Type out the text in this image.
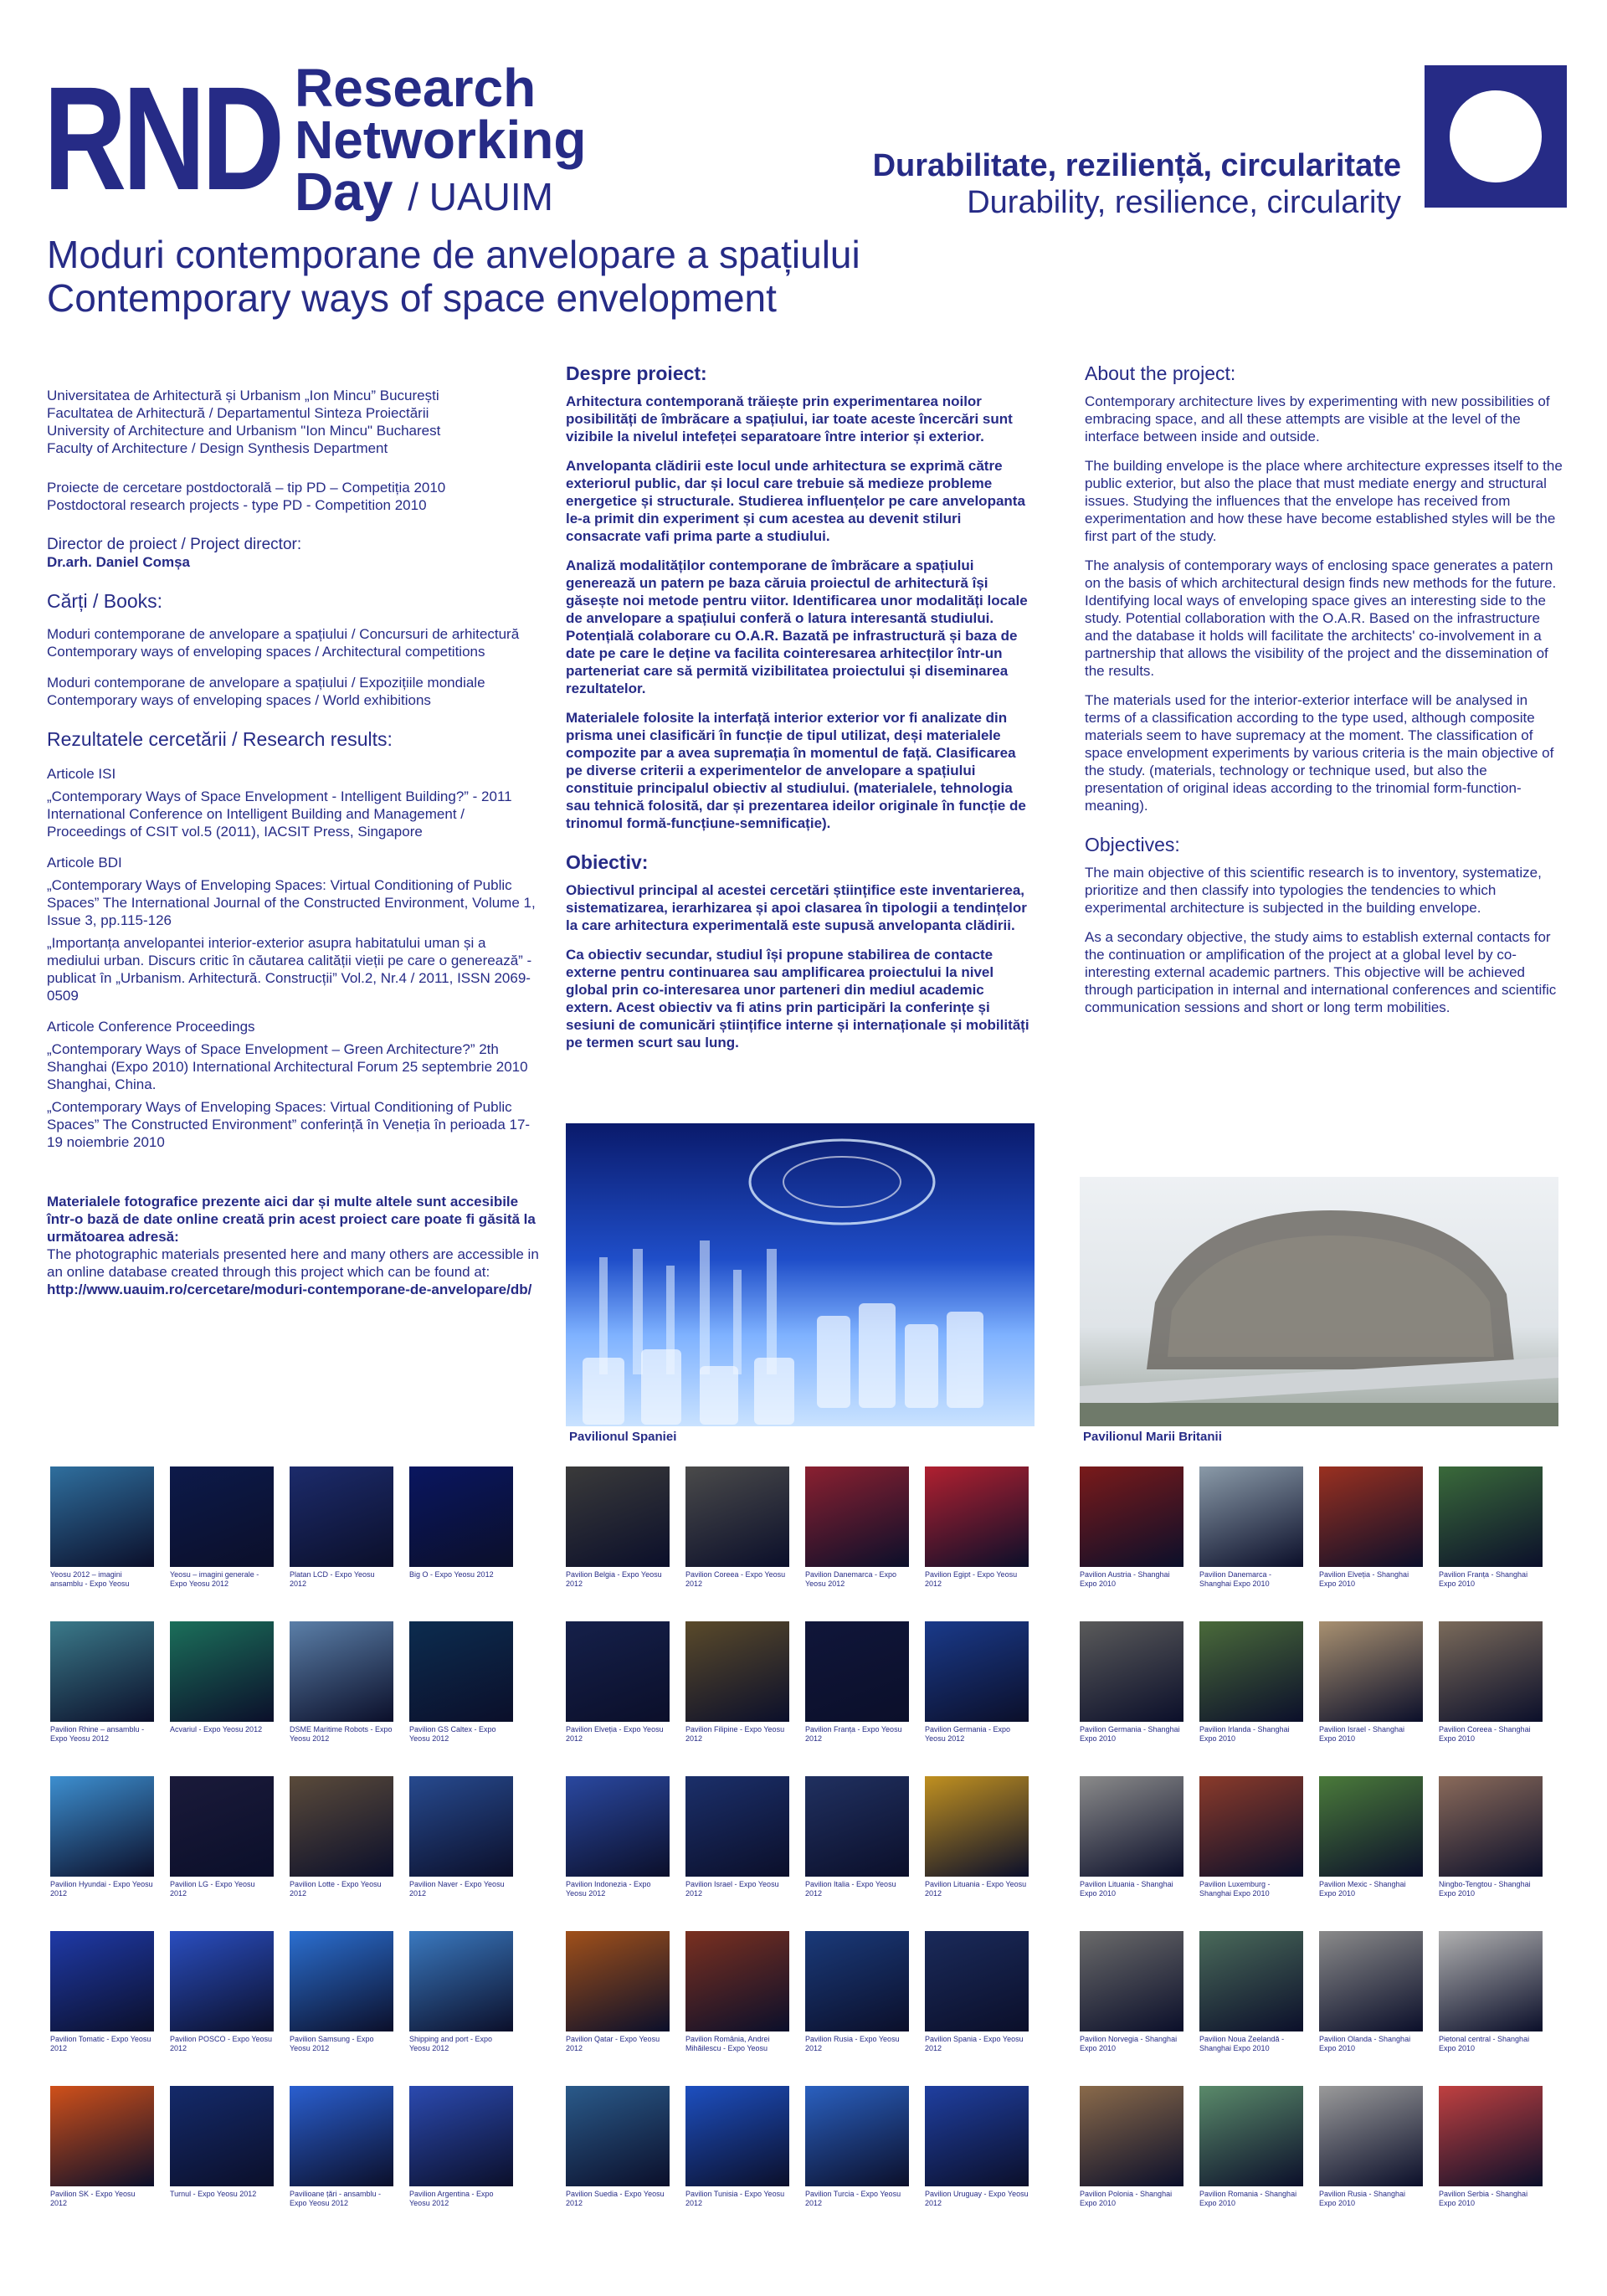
RND Research
Networking
Day / UAUIM
Durabilitate, reziliență, circularitate
Durability, resilience, circularity
Moduri contemporane de anvelopare a spațiului
Contemporary ways of space envelopment
Universitatea de Arhitectură și Urbanism „Ion Mincu” București
Facultatea de Arhitectură / Departamentul Sinteza Proiectării
University of Architecture and Urbanism "Ion Mincu" Bucharest
Faculty of Architecture / Design Synthesis Department
Proiecte de cercetare postdoctorală – tip PD – Competiția 2010
Postdoctoral research projects - type PD - Competition 2010
Director de proiect / Project director:
Dr.arh. Daniel Comșa
Cărți / Books:
Moduri contemporane de anvelopare a spațiului / Concursuri de arhitectură
Contemporary ways of enveloping spaces / Architectural competitions
Moduri contemporane de anvelopare a spațiului / Expozițiile mondiale
Contemporary ways of enveloping spaces / World exhibitions
Rezultatele cercetării / Research results:
Articole ISI
„Contemporary Ways of Space Envelopment - Intelligent Building?” - 2011 International Conference on Intelligent Building and Management / Proceedings of CSIT vol.5 (2011), IACSIT Press, Singapore
Articole BDI
„Contemporary Ways of Enveloping Spaces: Virtual Conditioning of Public Spaces” The International Journal of the Constructed Environment, Volume 1, Issue 3, pp.115-126
„Importanța anvelopantei interior-exterior asupra habitatului uman și a mediului urban. Discurs critic în căutarea calității vieții pe care o generează” - publicat în „Urbanism. Arhitectură. Construcții” Vol.2, Nr.4 / 2011, ISSN 2069-0509
Articole Conference Proceedings
„Contemporary Ways of Space Envelopment – Green Architecture?” 2th Shanghai (Expo 2010) International Architectural Forum 25 septembrie 2010 Shanghai, China.
„Contemporary Ways of Enveloping Spaces: Virtual Conditioning of Public Spaces” The Constructed Environment” conferință în Veneția în perioada 17-19 noiembrie 2010
Materialele fotografice prezente aici dar și multe altele sunt accesibile într-o bază de date online creată prin acest proiect care poate fi găsită la următoarea adresă:
The photographic materials presented here and many others are accessible in an online database created through this project which can be found at:
http://www.uauim.ro/cercetare/moduri-contemporane-de-anvelopare/db/
Despre proiect:

Arhitectura contemporană trăiește prin experimentarea noilor posibilități de îmbrăcare a spațiului, iar toate aceste încercări sunt vizibile la nivelul intefeței separatoare între interior și exterior.

Anvelopanta clădirii este locul unde arhitectura se exprimă către exteriorul public, dar și locul care trebuie să medieze probleme energetice și structurale. Studierea influențelor pe care anvelopanta le-a primit din experiment și cum acestea au devenit stiluri consacrate vafi prima parte a studiului.

Analiză modalităților contemporane de îmbrăcare a spațiului generează un patern pe baza căruia proiectul de arhitectură își găsește noi metode pentru viitor. Identificarea unor modalități locale de anvelopare a spațiului conferă o latura interesantă studiului. Potențială colaborare cu O.A.R. Bazată pe infrastructură și baza de date pe care le deține va facilita cointeresarea arhitecților într-un parteneriat care să permită vizibilitatea proiectului și diseminarea rezultatelor.

Materialele folosite la interfață interior exterior vor fi analizate din prisma unei clasificări în funcție de tipul utilizat, deși materialele compozite par a avea supremația în momentul de față. Clasificarea pe diverse criterii a experimentelor de anvelopare a spațiului constituie principalul obiectiv al studiului. (materialele, tehnologia sau tehnică folosită, dar și prezentarea ideilor originale în funcție de trinomul formă-funcțiune-semnificație).

Obiectiv:

Obiectivul principal al acestei cercetări științifice este inventarierea, sistematizarea, ierarhizarea și apoi clasarea în tipologii a tendințelor la care arhitectura experimentală este supusă anvelopanta clădirii.

Ca obiectiv secundar, studiul își propune stabilirea de contacte externe pentru continuarea sau amplificarea proiectului la nivel global prin co-interesarea unor parteneri din mediul academic extern. Acest obiectiv va fi atins prin participări la conferințe și sesiuni de comunicări științifice interne și internaționale și mobilități pe termen scurt sau lung.

About the project:

Contemporary architecture lives by experimenting with new possibilities of embracing space, and all these attempts are visible at the level of the interface between inside and outside.

The building envelope is the place where architecture expresses itself to the public exterior, but also the place that must mediate energy and structural issues. Studying the influences that the envelope has received from experimentation and how these have become established styles will be the first part of the study.

The analysis of contemporary ways of enclosing space generates a patern on the basis of which architectural design finds new methods for the future. Identifying local ways of enveloping space gives an interesting side to the study. Potential collaboration with the O.A.R. Based on the infrastructure and the database it holds will facilitate the architects' co-involvement in a partnership that allows the visibility of the project and the dissemination of the results.

The materials used for the interior-exterior interface will be analysed in terms of a classification according to the type used, although composite materials seem to have supremacy at the moment. The classification of space envelopment experiments by various criteria is the main objective of the study. (materials, technology or technique used, but also the presentation of original ideas according to the trinomial form-function-meaning).

Objectives:

The main objective of this scientific research is to inventory, systematize, prioritize and then classify into typologies the tendencies to which experimental architecture is subjected in the building envelope.

As a secondary objective, the study aims to establish external contacts for the continuation or amplification of the project at a global level by co-interesting external academic partners. This objective will be achieved through participation in internal and international conferences and scientific communication sessions and short or long term mobilities.

Pavilionul Spaniei	Pavilionul Marii Britanii
Yeosu 2012 – imagini ansamblu - Expo Yeosu
Yeosu – imagini generale - Expo Yeosu 2012
Platan LCD - Expo Yeosu 2012
Big O - Expo Yeosu 2012
Pavilion Rhine – ansamblu - Expo Yeosu 2012
Acvariul - Expo Yeosu 2012	DSME Maritime Robots - Expo Yeosu 2012
Pavilion GS Caltex - Expo Yeosu 2012
Pavilion Hyundai - Expo Yeosu 2012
Pavilion LG - Expo Yeosu 2012
Pavilion Lotte - Expo Yeosu 2012
Pavilion Naver - Expo Yeosu 2012
Pavilion Tomatic - Expo Yeosu 2012
Pavilion POSCO - Expo Yeosu 2012
Pavilion Samsung - Expo Yeosu 2012
Shipping and port - Expo Yeosu 2012
Pavilion SK - Expo Yeosu 2012
Turnul - Expo Yeosu 2012	Pavilioane țări - ansamblu - Expo Yeosu 2012
Pavilion Argentina - Expo Yeosu 2012
Pavilion Belgia - Expo Yeosu 2012
Pavilion Coreea - Expo Yeosu 2012
Pavilion Danemarca - Expo Yeosu 2012
Pavilion Egipt - Expo Yeosu 2012
Pavilion Elveția - Expo Yeosu 2012
Pavilion Filipine - Expo Yeosu 2012
Pavilion Franța - Expo Yeosu 2012
Pavilion Germania - Expo Yeosu 2012
Pavilion Indonezia - Expo Yeosu 2012
Pavilion Israel - Expo Yeosu 2012
Pavilion Italia - Expo Yeosu 2012
Pavilion Lituania - Expo Yeosu 2012
Pavilion Qatar - Expo Yeosu 2012
Pavilion România, Andrei Mihăilescu - Expo Yeosu
Pavilion Rusia - Expo Yeosu 2012
Pavilion Spania - Expo Yeosu 2012
Pavilion Suedia - Expo Yeosu 2012
Pavilion Tunisia - Expo Yeosu 2012
Pavilion Turcia - Expo Yeosu 2012
Pavilion Uruguay - Expo Yeosu 2012
Pavilion Austria - Shanghai Expo 2010
Pavilion Danemarca - Shanghai Expo 2010
Pavilion Elveția - Shanghai Expo 2010
Pavilion Franța - Shanghai Expo 2010
Pavilion Germania - Shanghai Expo 2010
Pavilion Irlanda - Shanghai Expo 2010
Pavilion Israel - Shanghai Expo 2010
Pavilion Coreea - Shanghai Expo 2010
Pavilion Lituania - Shanghai Expo 2010
Pavilion Luxemburg - Shanghai Expo 2010
Pavilion Mexic - Shanghai Expo 2010
Ningbo-Tengtou - Shanghai Expo 2010
Pavilion Norvegia - Shanghai Expo 2010
Pavilion Noua Zeelandă - Shanghai Expo 2010
Pavilion Olanda - Shanghai Expo 2010
Pietonal central - Shanghai Expo 2010
Pavilion Polonia - Shanghai Expo 2010
Pavilion Romania - Shanghai Expo 2010
Pavilion Rusia - Shanghai Expo 2010
Pavilion Serbia - Shanghai Expo 2010
